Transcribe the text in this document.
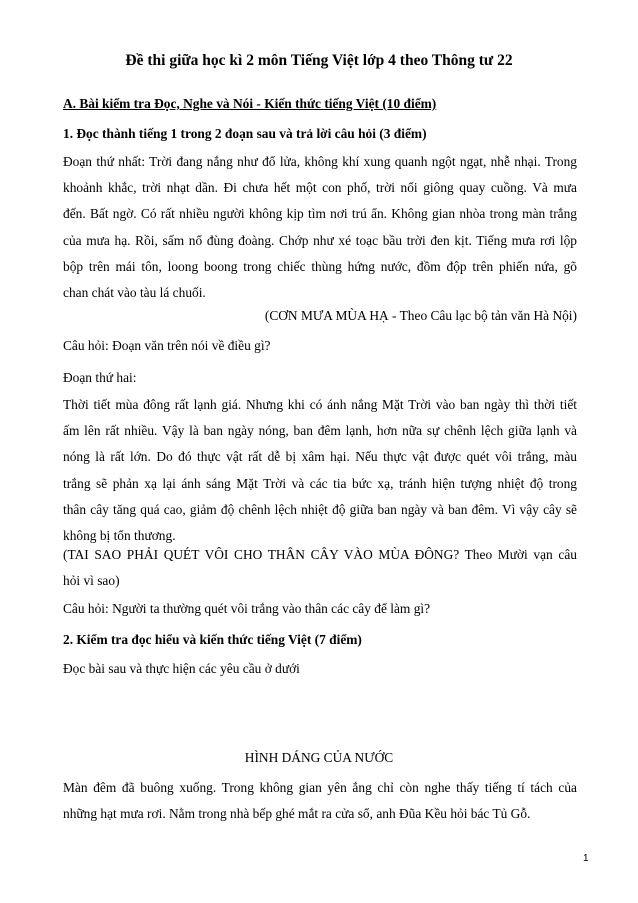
Đề thi giữa học kì 2 môn Tiếng Việt lớp 4 theo Thông tư 22
A. Bài kiểm tra Đọc, Nghe và Nói - Kiến thức tiếng Việt (10 điểm)
1. Đọc thành tiếng 1 trong 2 đoạn sau và trả lời câu hỏi (3 điểm)
Đoạn thứ nhất: Trời đang nắng như đổ lửa, không khí xung quanh ngột ngạt, nhễ nhại. Trong
khoảnh khắc, trời nhạt dần. Đi chưa hết một con phố, trời nổi giông quay cuồng. Và mưa
đến. Bất ngờ. Có rất nhiều người không kịp tìm nơi trú ẩn. Không gian nhòa trong màn trắng
của mưa hạ. Rồi, sấm nổ đùng đoàng. Chớp như xé toạc bầu trời đen kịt. Tiếng mưa rơi lộp
bộp trên mái tôn, loong boong trong chiếc thùng hứng nước, đồm độp trên phiến nứa, gõ
chan chát vào tàu lá chuối.
(CƠN MƯA MÙA HẠ - Theo Câu lạc bộ tản văn Hà Nội)
Câu hỏi: Đoạn văn trên nói về điều gì?
Đoạn thứ hai:
Thời tiết mùa đông rất lạnh giá. Nhưng khi có ánh nắng Mặt Trời vào ban ngày thì thời tiết
ấm lên rất nhiều. Vậy là ban ngày nóng, ban đêm lạnh, hơn nữa sự chênh lệch giữa lạnh và
nóng là rất lớn. Do đó thực vật rất dễ bị xâm hại. Nếu thực vật được quét vôi trắng, màu
trắng sẽ phản xạ lại ánh sáng Mặt Trời và các tia bức xạ, tránh hiện tượng nhiệt độ trong
thân cây tăng quá cao, giảm độ chênh lệch nhiệt độ giữa ban ngày và ban đêm. Vì vậy cây sẽ
không bị tổn thương.
(TAI SAO PHẢI QUÉT VÔI CHO THÂN CÂY VÀO MÙA ĐÔNG? Theo Mười vạn câu
hỏi vì sao)
Câu hỏi: Người ta thường quét vôi trắng vào thân các cây để làm gì?
2. Kiểm tra đọc hiểu và kiến thức tiếng Việt (7 điểm)
Đọc bài sau và thực hiện các yêu cầu ở dưới
HÌNH DÁNG CỦA NƯỚC
Màn đêm đã buông xuống. Trong không gian yên ắng chỉ còn nghe thấy tiếng tí tách của
những hạt mưa rơi. Nằm trong nhà bếp ghé mắt ra cửa sổ, anh Đũa Kều hỏi bác Tủ Gỗ.
1
